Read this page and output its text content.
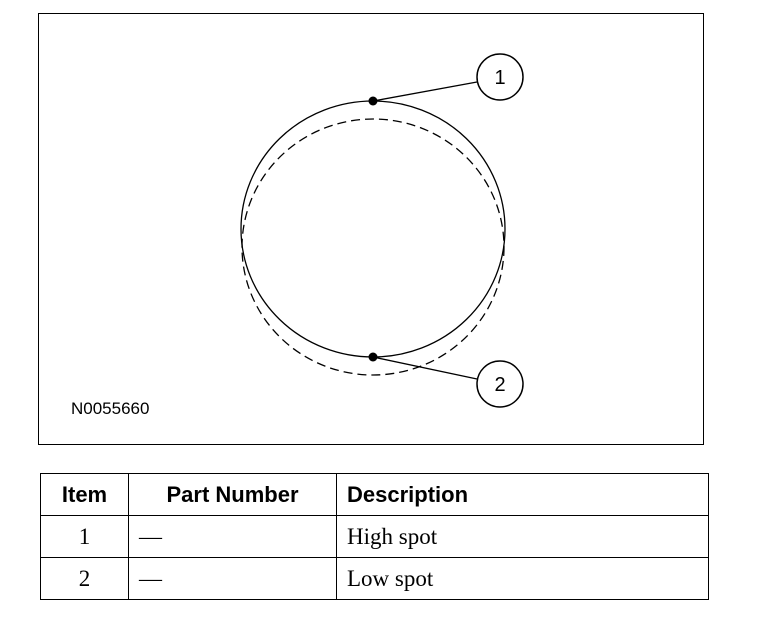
1
2
N0055660
Item	Part Number	Description
1	—	High spot
2	—	Low spot
